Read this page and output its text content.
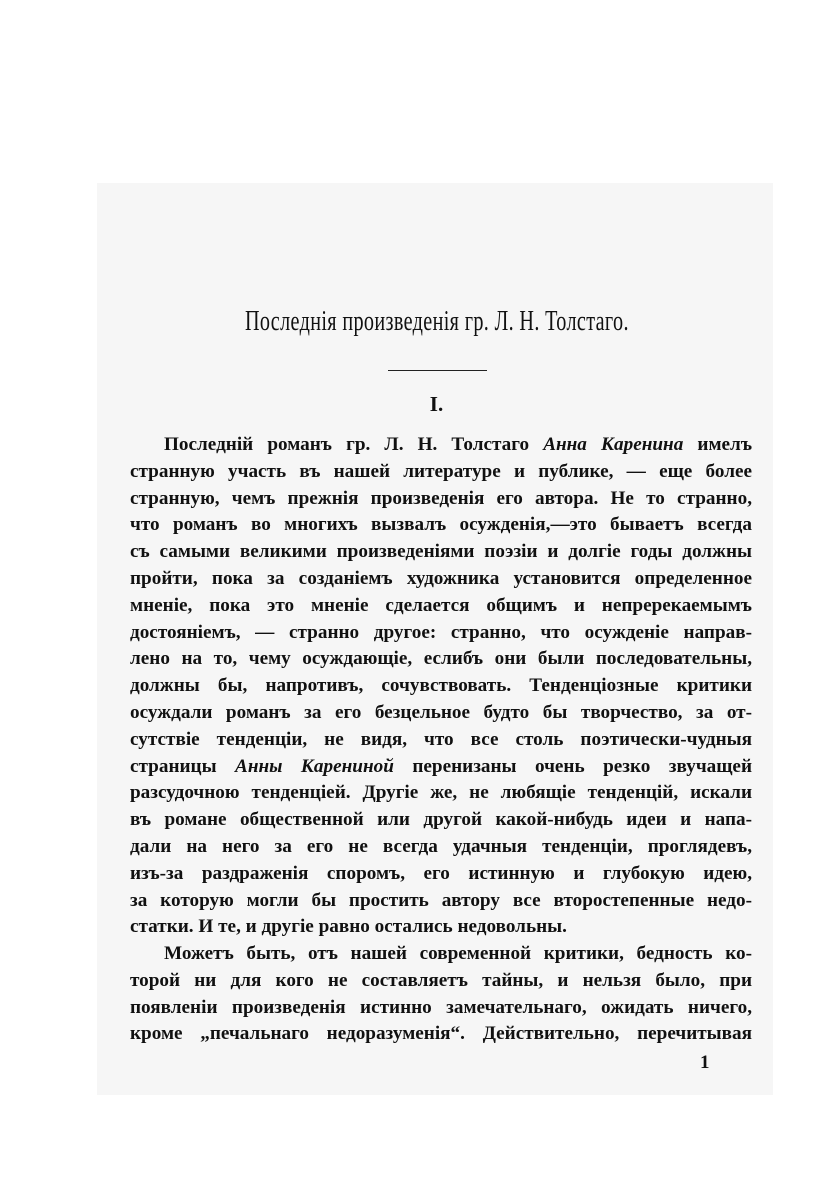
Последнія произведенія гр. Л. Н. Толстаго.
I.
Последній романъ гр. Л. Н. Толстаго Анна Каренина имелъ
странную участь въ нашей литературе и публике, — еще более
странную, чемъ прежнія произведенія его автора. Не то странно,
что романъ во многихъ вызвалъ осужденія,—это бываетъ всегда
съ самыми великими произведеніями поэзіи и долгіе годы должны
пройти, пока за созданіемъ художника установится определенное
мненіе, пока это мненіе сделается общимъ и непререкаемымъ
достояніемъ, — странно другое: странно, что осужденіе направ-
лено на то, чему осуждающіе, еслибъ они были последовательны,
должны бы, напротивъ, сочувствовать. Тенденціозные критики
осуждали романъ за его безцельное будто бы творчество, за от-
сутствіе тенденціи, не видя, что все столь поэтически-чудныя
страницы Анны Карениной перенизаны очень резко звучащей
разсудочною тенденціей. Другіе же, не любящіе тенденцій, искали
въ романе общественной или другой какой-нибудь идеи и напа-
дали на него за его не всегда удачныя тенденціи, проглядевъ,
изъ-за раздраженія споромъ, его истинную и глубокую идею,
за которую могли бы простить автору все второстепенные недо-
статки. И те, и другіе равно остались недовольны.
Можетъ быть, отъ нашей современной критики, бедность ко-
торой ни для кого не составляетъ тайны, и нельзя было, при
появленіи произведенія истинно замечательнаго, ожидать ничего,
кроме „печальнаго недоразуменія“. Действительно, перечитывая
1
